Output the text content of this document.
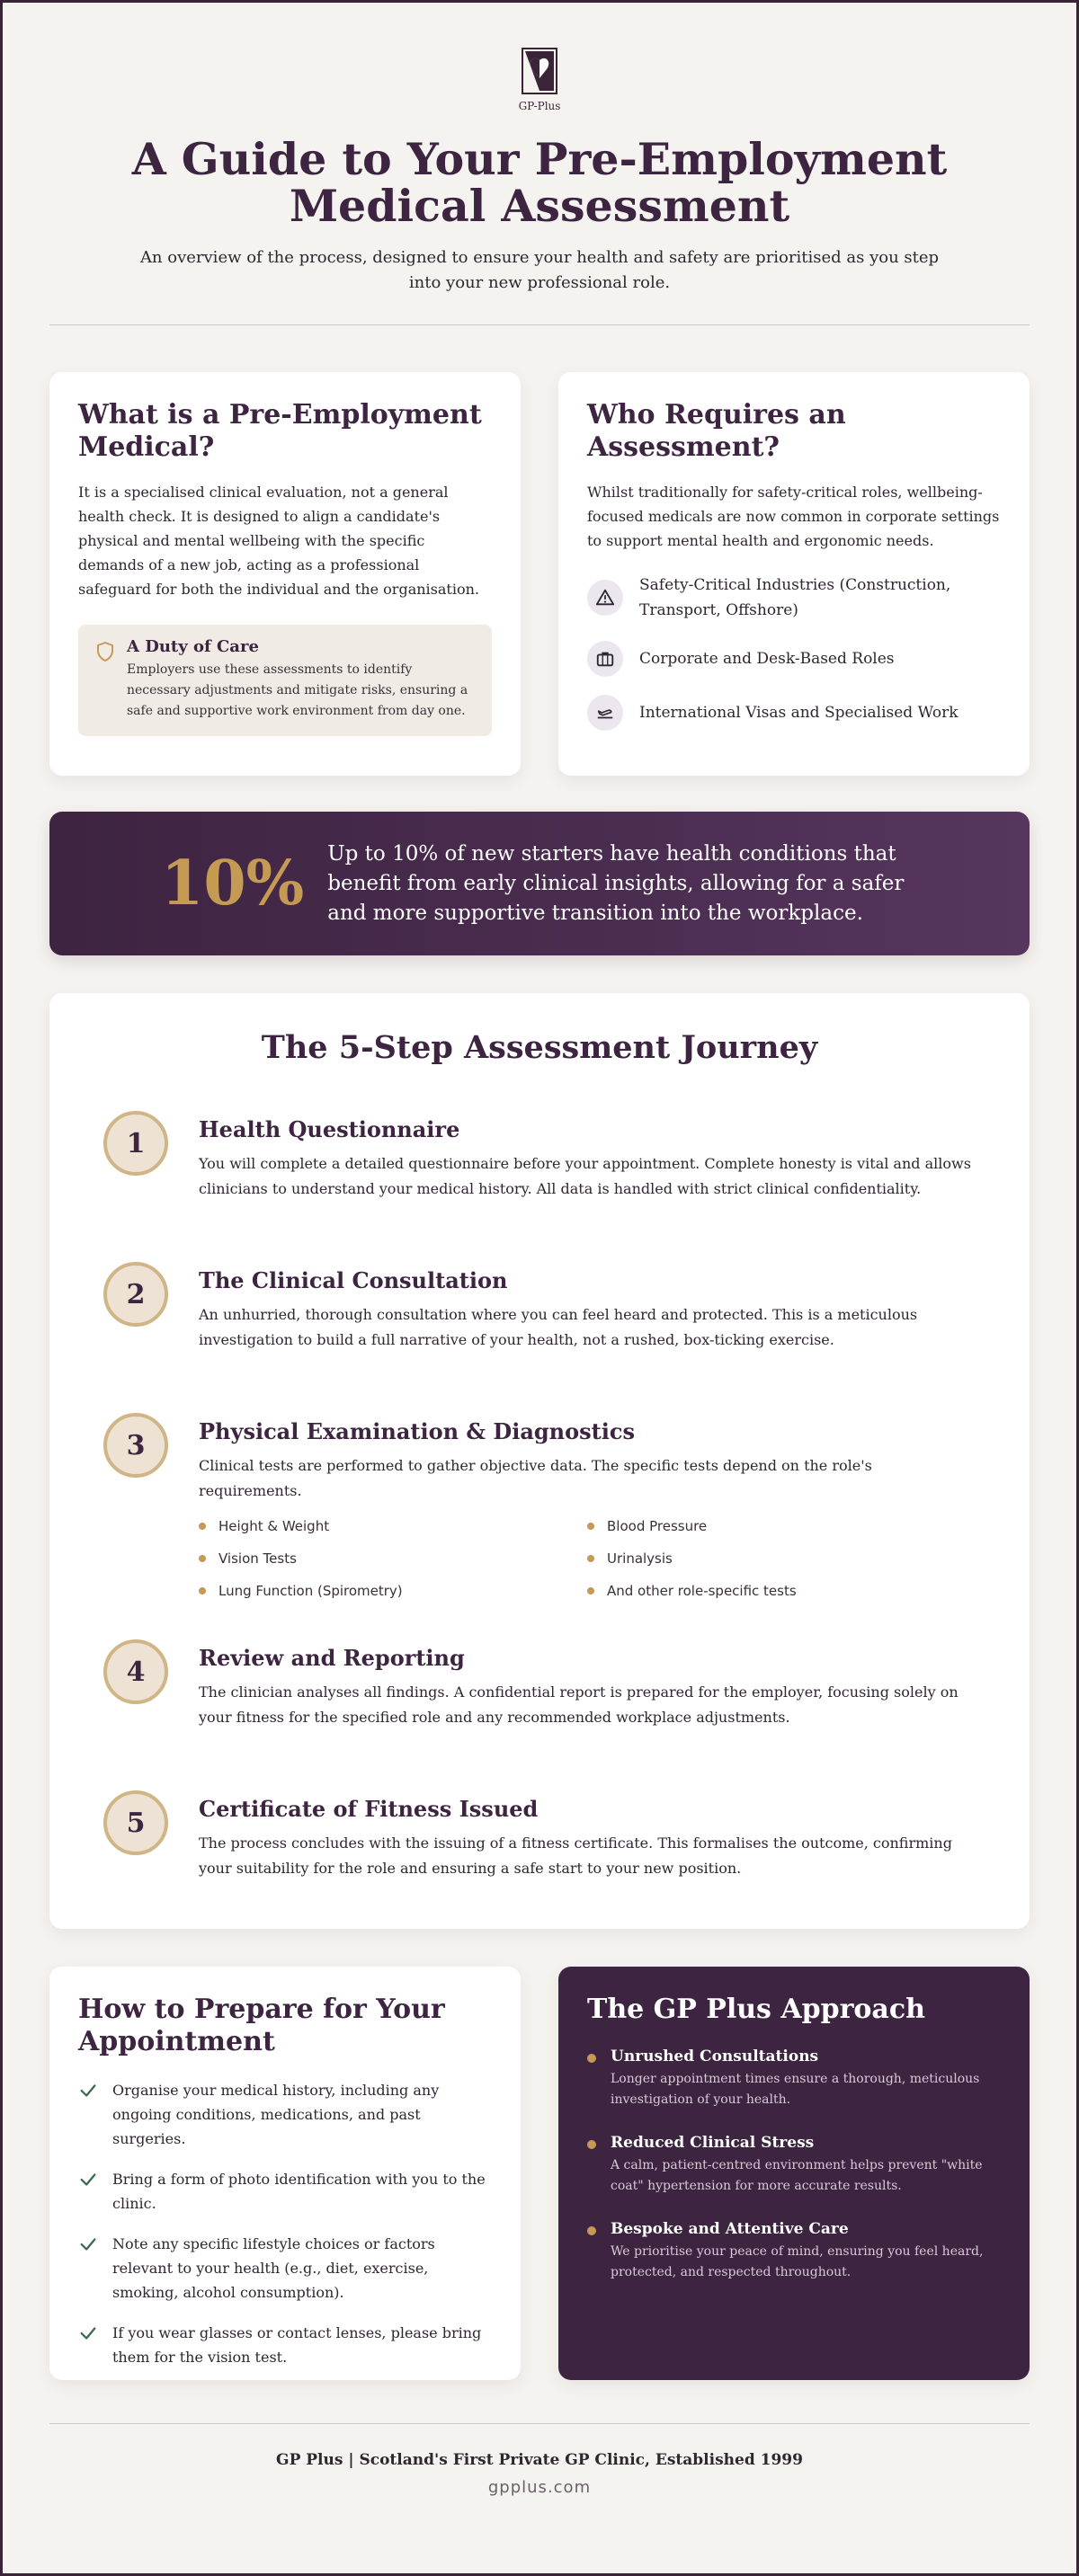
GP-Plus
A Guide to Your Pre-Employment Medical Assessment
An overview of the process, designed to ensure your health and safety are prioritised as you step into your new professional role.
What is a Pre-Employment Medical?

It is a specialised clinical evaluation, not a general health check. It is designed to align a candidate's physical and mental wellbeing with the specific demands of a new job, acting as a professional safeguard for both the individual and the organisation.

A Duty of Care

Employers use these assessments to identify necessary adjustments and mitigate risks, ensuring a safe and supportive work environment from day one.

Who Requires an Assessment?

Whilst traditionally for safety-critical roles, wellbeing-focused medicals are now common in corporate settings to support mental health and ergonomic needs.

Safety-Critical Industries (Construction, Transport, Offshore)
Corporate and Desk-Based Roles
International Visas and Specialised Work
10% Up to 10% of new starters have health conditions that benefit from early clinical insights, allowing for a safer and more supportive transition into the workplace.
The 5-Step Assessment Journey
1	Health Questionnaire

You will complete a detailed questionnaire before your appointment. Complete honesty is vital and allows clinicians to understand your medical history. All data is handled with strict clinical confidentiality.

2	The Clinical Consultation

An unhurried, thorough consultation where you can feel heard and protected. This is a meticulous investigation to build a full narrative of your health, not a rushed, box-ticking exercise.

3	Physical Examination & Diagnostics

Clinical tests are performed to gather objective data. The specific tests depend on the role's requirements.

Height & Weight	Blood Pressure
Vision Tests	Urinalysis
Lung Function (Spirometry)	And other role-specific tests
4	Review and Reporting

The clinician analyses all findings. A confidential report is prepared for the employer, focusing solely on your fitness for the specified role and any recommended workplace adjustments.

5	Certificate of Fitness Issued

The process concludes with the issuing of a fitness certificate. This formalises the outcome, confirming your suitability for the role and ensuring a safe start to your new position.

How to Prepare for Your Appointment
Organise your medical history, including any ongoing conditions, medications, and past surgeries.
Bring a form of photo identification with you to the clinic.
Note any specific lifestyle choices or factors relevant to your health (e.g., diet, exercise, smoking, alcohol consumption).
If you wear glasses or contact lenses, please bring them for the vision test.
The GP Plus Approach

Unrushed Consultations

Longer appointment times ensure a thorough, meticulous investigation of your health.

Reduced Clinical Stress

A calm, patient-centred environment helps prevent "white coat" hypertension for more accurate results.

Bespoke and Attentive Care

We prioritise your peace of mind, ensuring you feel heard, protected, and respected throughout.

GP Plus | Scotland's First Private GP Clinic, Established 1999
gpplus.com
